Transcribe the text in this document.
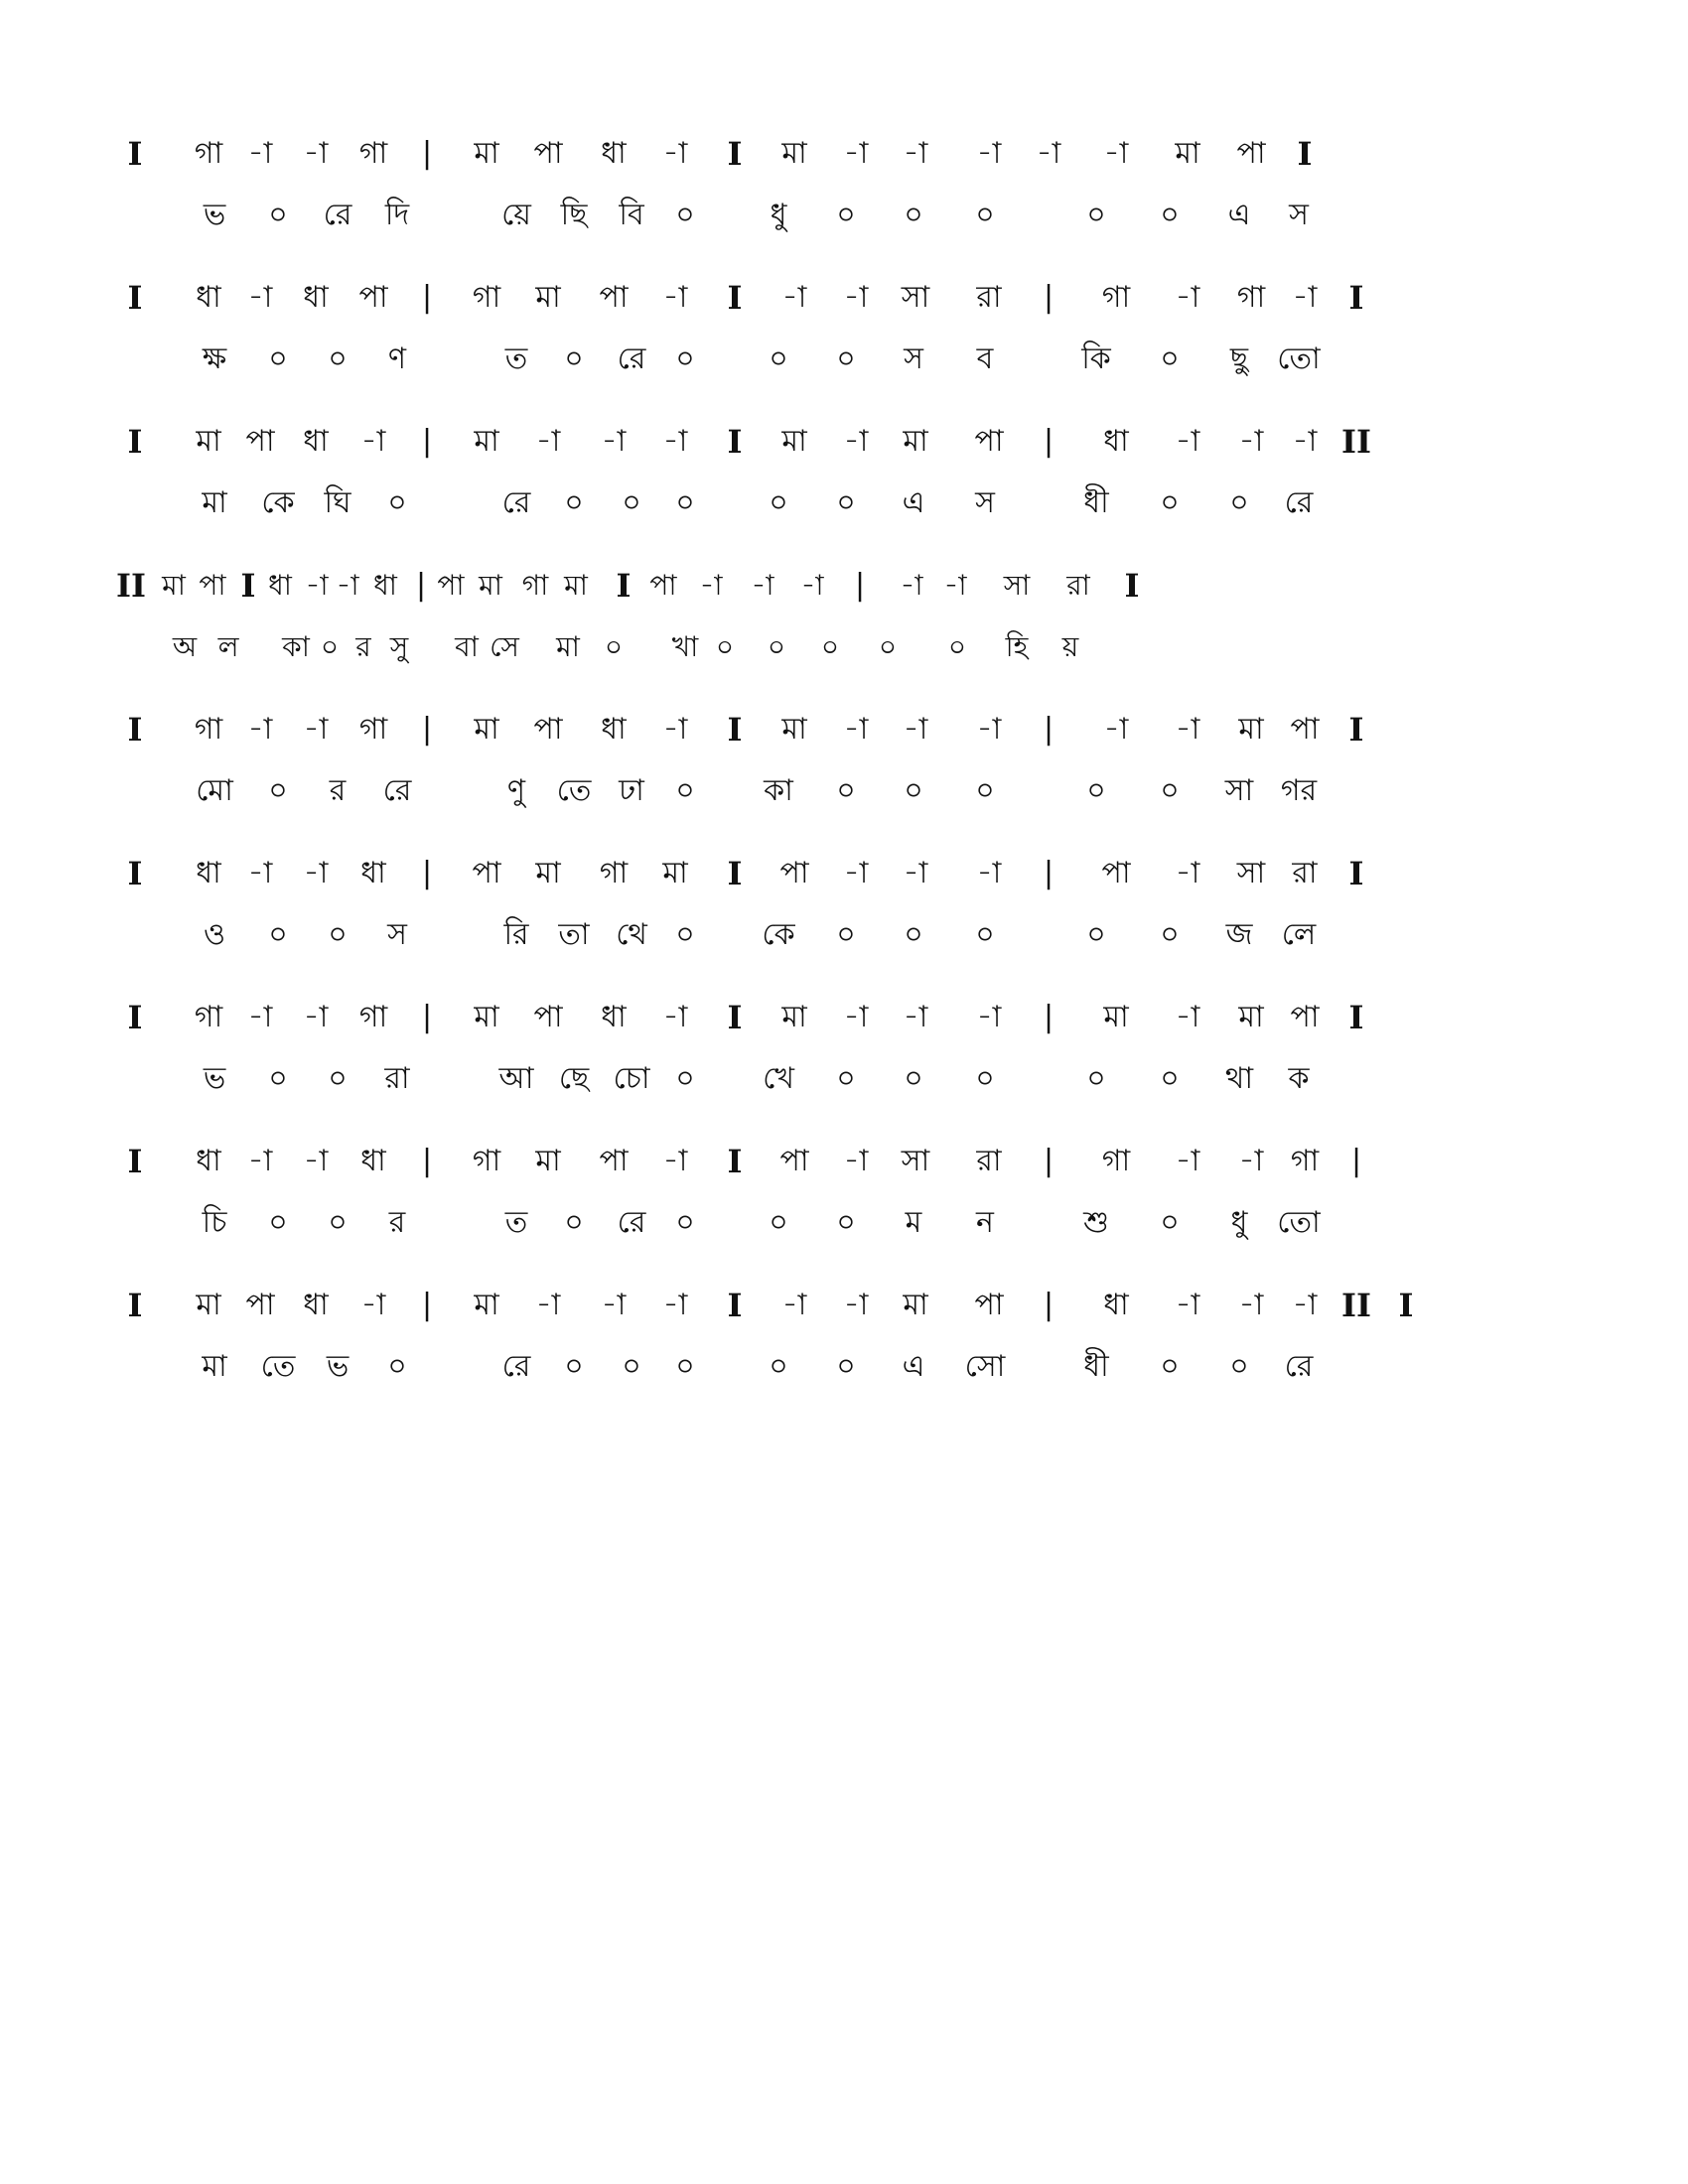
I গা -া -া গা | মা পা ধা -া I মা -া -া -া -া -া মা পা I
ভ ০ রে দি	য়ে ছি বি ০	ধু ০ ০ ০	০ ০ এ স
I ধা -া ধা পা | গা মা পা -া I -া -া সা রা | গা -া গা -া I
ক্ষ ০ ০ ণ	ত ০ রে ০ ০ ০ স ব	কি ০ ছু তো
I মা পা ধা -া | মা -া -া -া I মা -া মা পা | ধা -া -া -া II
মা কে ঘি ০	রে ০ ০ ০ ০ ০ এ স	ধী ০ ০ রে
II মা পা I ধা -া -া ধা | পা মা গা মা I পা -া -া -া | -া -া সা রা I
অ ল কা ০ র সু বা সে মা ০ খা ০ ০ ০ ০ ০ হি য়
I গা -া -া গা | মা পা ধা -া I মা -া -া -া | -া -া মা পা I
মো ০ র রে	ণু তে ঢা ০ কা ০ ০ ০	০ ০ সা গর
I ধা -া -া ধা | পা মা গা মা I পা -া -া -া | পা -া সা রা I
ও ০ ০ স	রি তা থে ০ কে ০ ০ ০	০ ০ জ লে
I গা -া -া গা | মা পা ধা -া I মা -া -া -া | মা -া মা পা I
ভ ০ ০ রা	আ ছে চো ০ খে ০ ০ ০	০ ০ থা ক
I ধা -া -া ধা | গা মা পা -া I পা -া সা রা | গা -া -া গা |
চি ০ ০ র	ত ০ রে ০ ০ ০ ম ন	শু ০ ধু তো
I মা পা ধা -া | মা -া -া -া I -া -া মা পা | ধা -া -া -া II I
মা তে ভ ০	রে ০ ০ ০ ০ ০ এ সো	ধী ০ ০ রে
